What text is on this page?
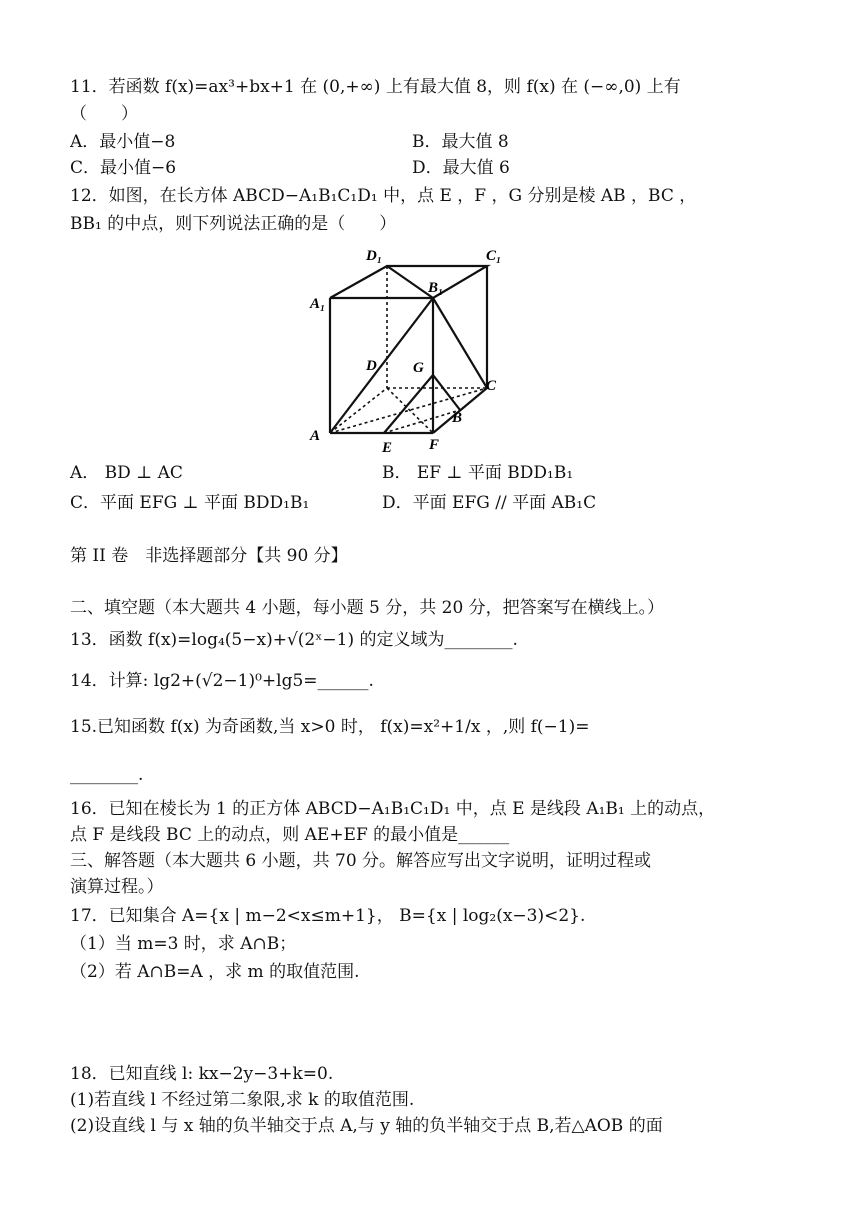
11．若函数 f(x)=ax³+bx+1 在 (0,+∞) 上有最大值 8，则 f(x) 在 (−∞,0) 上有
（　　）
A．最小值−8	B．最大值 8
C．最小值−6	D．最大值 6
12．如图，在长方体 ABCD−A₁B₁C₁D₁ 中，点 E ，F ，G 分别是棱 AB ，BC ，
BB₁ 的中点，则下列说法正确的是（　　）
D₁	C₁
A₁
B₁
D G
C
A
E
B
F
A． BD ⊥ AC	B． EF ⊥ 平面 BDD₁B₁
C．平面 EFG ⊥ 平面 BDD₁B₁	D．平面 EFG // 平面 AB₁C
第 II 卷　非选择题部分【共 90 分】
二、填空题（本大题共 4 小题，每小题 5 分，共 20 分，把答案写在横线上。）
13．函数 f(x)=log₄(5−x)+√(2ˣ−1) 的定义域为________.
14．计算: lg2+(√2−1)⁰+lg5=______.
15.已知函数 f(x) 为奇函数,当 x>0 时， f(x)=x²+1/x ，,则 f(−1)=
________.
16．已知在棱长为 1 的正方体 ABCD−A₁B₁C₁D₁ 中，点 E 是线段 A₁B₁ 上的动点，
点 F 是线段 BC 上的动点，则 AE+EF 的最小值是______
三、解答题（本大题共 6 小题，共 70 分。解答应写出文字说明，证明过程或
演算过程。）
17．已知集合 A={x | m−2<x≤m+1}， B={x | log₂(x−3)<2}.
（1）当 m=3 时，求 A∩B；
（2）若 A∩B=A ，求 m 的取值范围.
18．已知直线 l: kx−2y−3+k=0.
(1)若直线 l 不经过第二象限,求 k 的取值范围.
(2)设直线 l 与 x 轴的负半轴交于点 A,与 y 轴的负半轴交于点 B,若△AOB 的面
